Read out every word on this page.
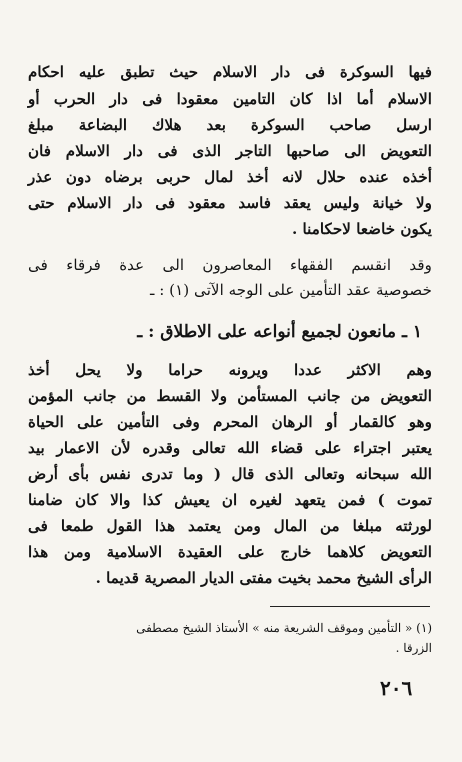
فيها السوكرة فى دار الاسلام حيث تطبق عليه احكام
الاسلام أما اذا كان التامين معقودا فى دار الحرب أو
ارسل صاحب السوكرة بعد هلاك البضاعة مبلغ
التعويض الى صاحبها التاجر الذى فى دار الاسلام فان
أخذه عنده حلال لانه أخذ لمال حربى برضاه دون عذر
ولا خيانة وليس يعقد فاسد معقود فى دار الاسلام حتى
يكون خاضعا لاحكامنا .
وقد انقسم الفقهاء المعاصرون الى عدة فرقاء فى
خصوصية عقد التأمين على الوجه الآتى (١) : ـ
١ ـ مانعون لجميع أنواعه على الاطلاق : ـ
وهم الاكثر عددا ويرونه حراما ولا يحل أخذ
التعويض من جانب المستأمن ولا القسط من جانب المؤمن
وهو كالقمار أو الرهان المحرم وفى التأمين على الحياة
يعتبر اجتراء على قضاء الله تعالى وقدره لأن الاعمار بيد
الله سبحانه وتعالى الذى قال ( وما تدرى نفس بأى أرض
تموت ) فمن يتعهد لغيره ان يعيش كذا والا كان ضامنا
لورثته مبلغا من المال ومن يعتمد هذا القول طمعا فى
التعويض كلاهما خارج على العقيدة الاسلامية ومن هذا
الرأى الشيخ محمد بخيت مفتى الديار المصرية قديما .
(١) « التأمين وموقف الشريعة منه » الأستاذ الشيخ مصطفى
الزرقا .
٢٠٦
